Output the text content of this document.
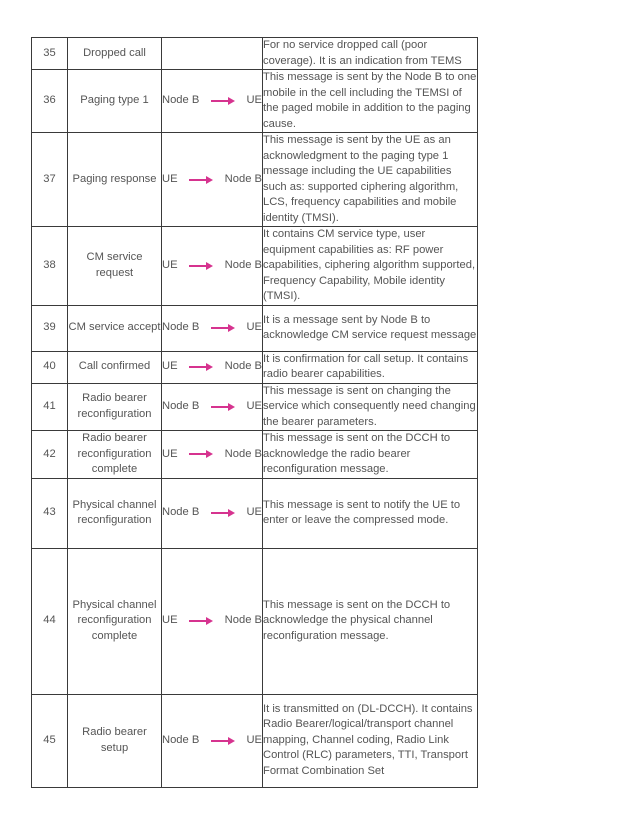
35	Dropped call		For no service dropped call (poor coverage). It is an indication from TEMS
36	Paging type 1	Node B UE	This message is sent by the Node B to one mobile in the cell including the TEMSI of the paged mobile in addition to the paging cause.
37	Paging response	UE Node B	This message is sent by the UE as an acknowledgment to the paging type 1 message including the UE capabilities such as: supported ciphering algorithm, LCS, frequency capabilities and mobile identity (TMSI).
38	CM service request	UE Node B	It contains CM service type, user equipment capabilities as: RF power capabilities, ciphering algorithm supported, Frequency Capability, Mobile identity (TMSI).
39	CM service accept	Node B UE	It is a message sent by Node B to acknowledge CM service request message
40	Call confirmed	UE Node B	It is confirmation for call setup. It contains radio bearer capabilities.
41	Radio bearer reconfiguration	Node B UE	This message is sent on changing the service which consequently need changing the bearer parameters.
42	Radio bearer reconfiguration complete	UE Node B	This message is sent on the DCCH to acknowledge the radio bearer reconfiguration message.
43	Physical channel reconfiguration	Node B UE	This message is sent to notify the UE to enter or leave the compressed mode.
44	Physical channel reconfiguration complete	UE Node B	This message is sent on the DCCH to acknowledge the physical channel reconfiguration message.
45	Radio bearer setup	Node B UE	It is transmitted on (DL-DCCH). It contains Radio Bearer/logical/transport channel mapping, Channel coding, Radio Link Control (RLC) parameters, TTI, Transport Format Combination Set
